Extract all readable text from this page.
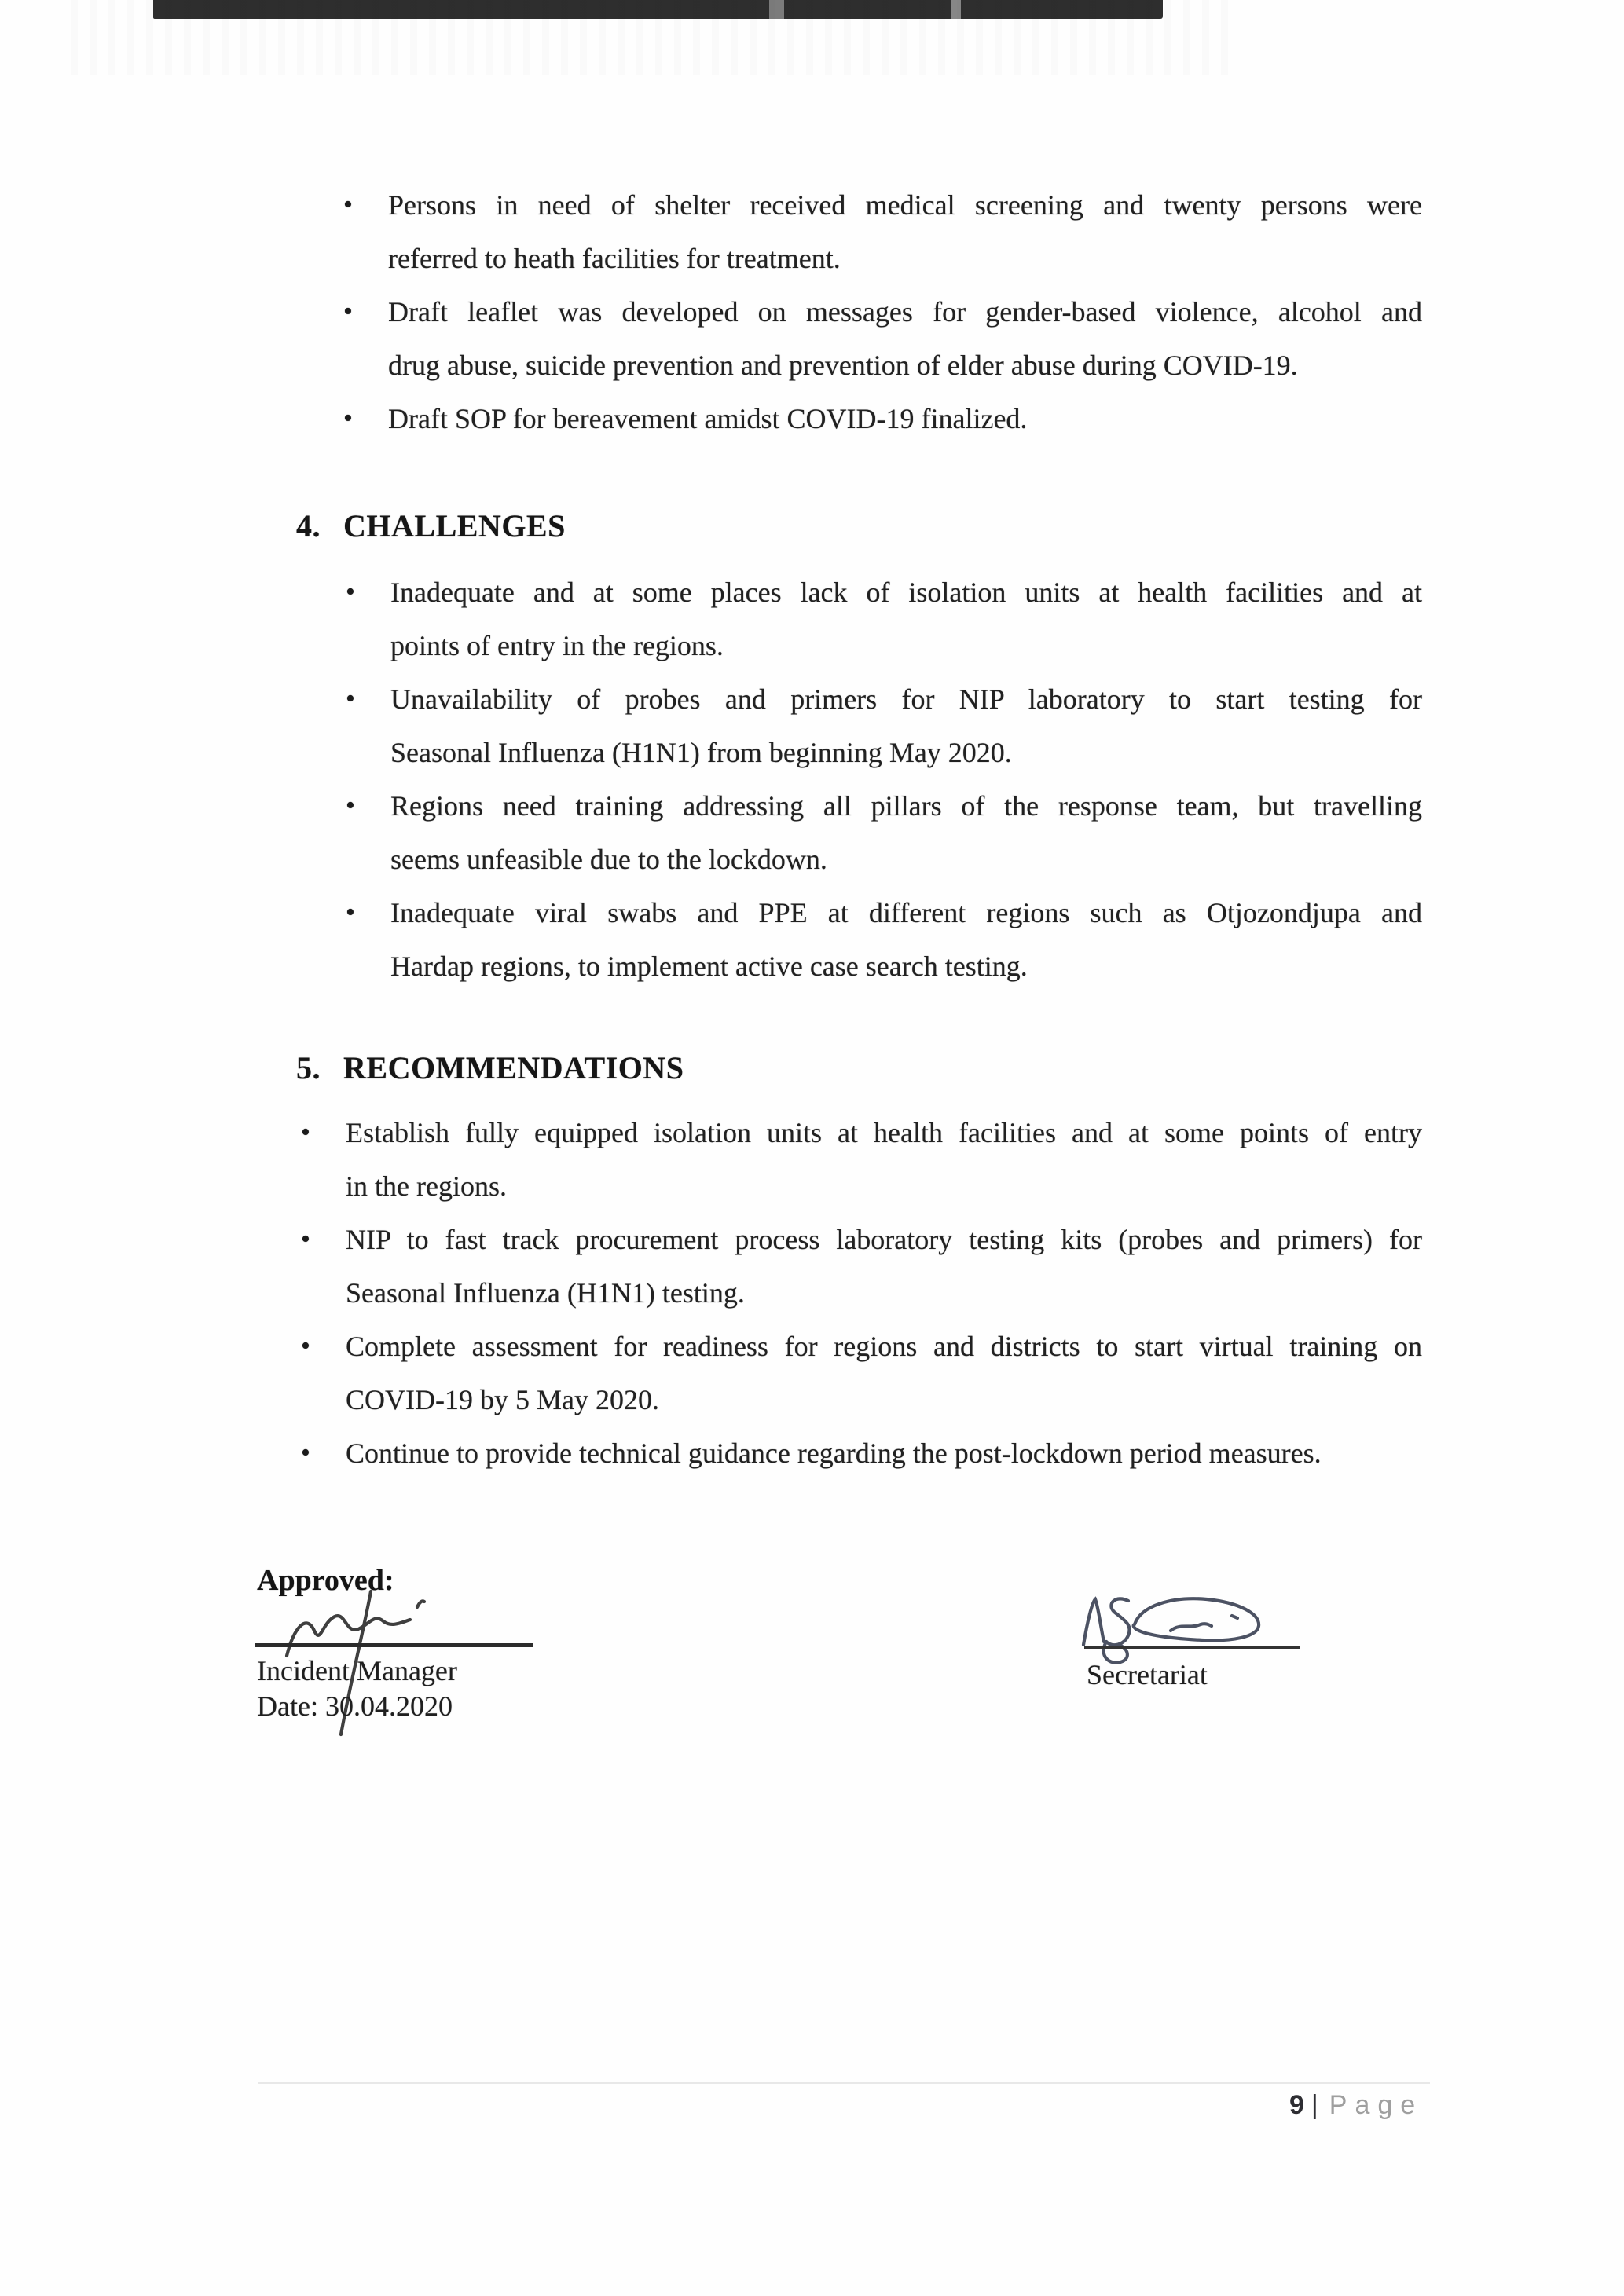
• Persons in need of shelter received medical screening and twenty persons were
referred to heath facilities for treatment.
• Draft leaflet was developed on messages for gender-based violence, alcohol and
drug abuse, suicide prevention and prevention of elder abuse during COVID-19.
• Draft SOP for bereavement amidst COVID-19 finalized.
4. CHALLENGES
• Inadequate and at some places lack of isolation units at health facilities and at
points of entry in the regions.
• Unavailability of probes and primers for NIP laboratory to start testing for
Seasonal Influenza (H1N1) from beginning May 2020.
• Regions need training addressing all pillars of the response team, but travelling
seems unfeasible due to the lockdown.
• Inadequate viral swabs and PPE at different regions such as Otjozondjupa and
Hardap regions, to implement active case search testing.
5. RECOMMENDATIONS
• Establish fully equipped isolation units at health facilities and at some points of entry
in the regions.
• NIP to fast track procurement process laboratory testing kits (probes and primers) for
Seasonal Influenza (H1N1) testing.
• Complete assessment for readiness for regions and districts to start virtual training on
COVID-19 by 5 May 2020.
• Continue to provide technical guidance regarding the post-lockdown period measures.
Approved:
Incident Manager
Date: 30.04.2020
Secretariat
9 | Page
